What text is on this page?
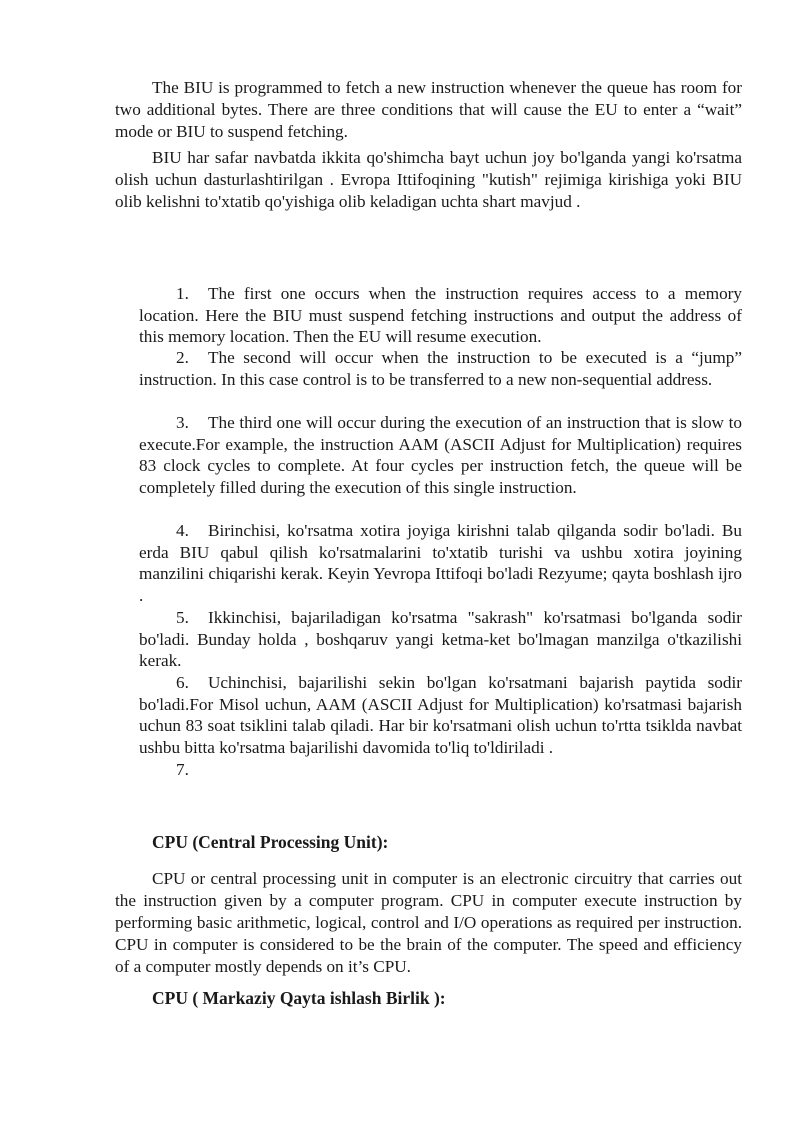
The BIU is programmed to fetch a new instruction whenever the queue has room for two additional bytes. There are three conditions that will cause the EU to enter a “wait” mode or BIU to suspend fetching.

BIU har safar navbatda ikkita qo'shimcha bayt uchun joy bo'lganda yangi ko'rsatma olish uchun dasturlashtirilgan . Evropa Ittifoqining "kutish" rejimiga kirishiga yoki BIU olib kelishni to'xtatib qo'yishiga olib keladigan uchta shart mavjud .

1. The first one occurs when the instruction requires access to a memory location. Here the BIU must suspend fetching instructions and output the address of this memory location. Then the EU will resume execution.

2. The second will occur when the instruction to be executed is a “jump” instruction. In this case control is to be transferred to a new non-sequential address.

3. The third one will occur during the execution of an instruction that is slow to execute.For example, the instruction AAM (ASCII Adjust for Multiplication) requires 83 clock cycles to complete. At four cycles per instruction fetch, the queue will be completely filled during the execution of this single instruction.

4. Birinchisi, ko'rsatma xotira joyiga kirishni talab qilganda sodir bo'ladi. Bu erda BIU qabul qilish ko'rsatmalarini to'xtatib turishi va ushbu xotira joyining manzilini chiqarishi kerak. Keyin Yevropa Ittifoqi bo'ladi Rezyume; qayta boshlash ijro .

5. Ikkinchisi, bajariladigan ko'rsatma "sakrash" ko'rsatmasi bo'lganda sodir bo'ladi. Bunday holda , boshqaruv yangi ketma-ket bo'lmagan manzilga o'tkazilishi kerak.

6. Uchinchisi, bajarilishi sekin bo'lgan ko'rsatmani bajarish paytida sodir bo'ladi.For Misol uchun, AAM (ASCII Adjust for Multiplication) ko'rsatmasi bajarish uchun 83 soat tsiklini talab qiladi. Har bir ko'rsatmani olish uchun to'rtta tsiklda navbat ushbu bitta ko'rsatma bajarilishi davomida to'liq to'ldiriladi .

7.

CPU (Central Processing Unit):

CPU or central processing unit in computer is an electronic circuitry that carries out the instruction given by a computer program. CPU in computer execute instruction by performing basic arithmetic, logical, control and I/O operations as required per instruction. CPU in computer is considered to be the brain of the computer. The speed and efficiency of a computer mostly depends on it’s CPU.

CPU ( Markaziy Qayta ishlash Birlik ):
